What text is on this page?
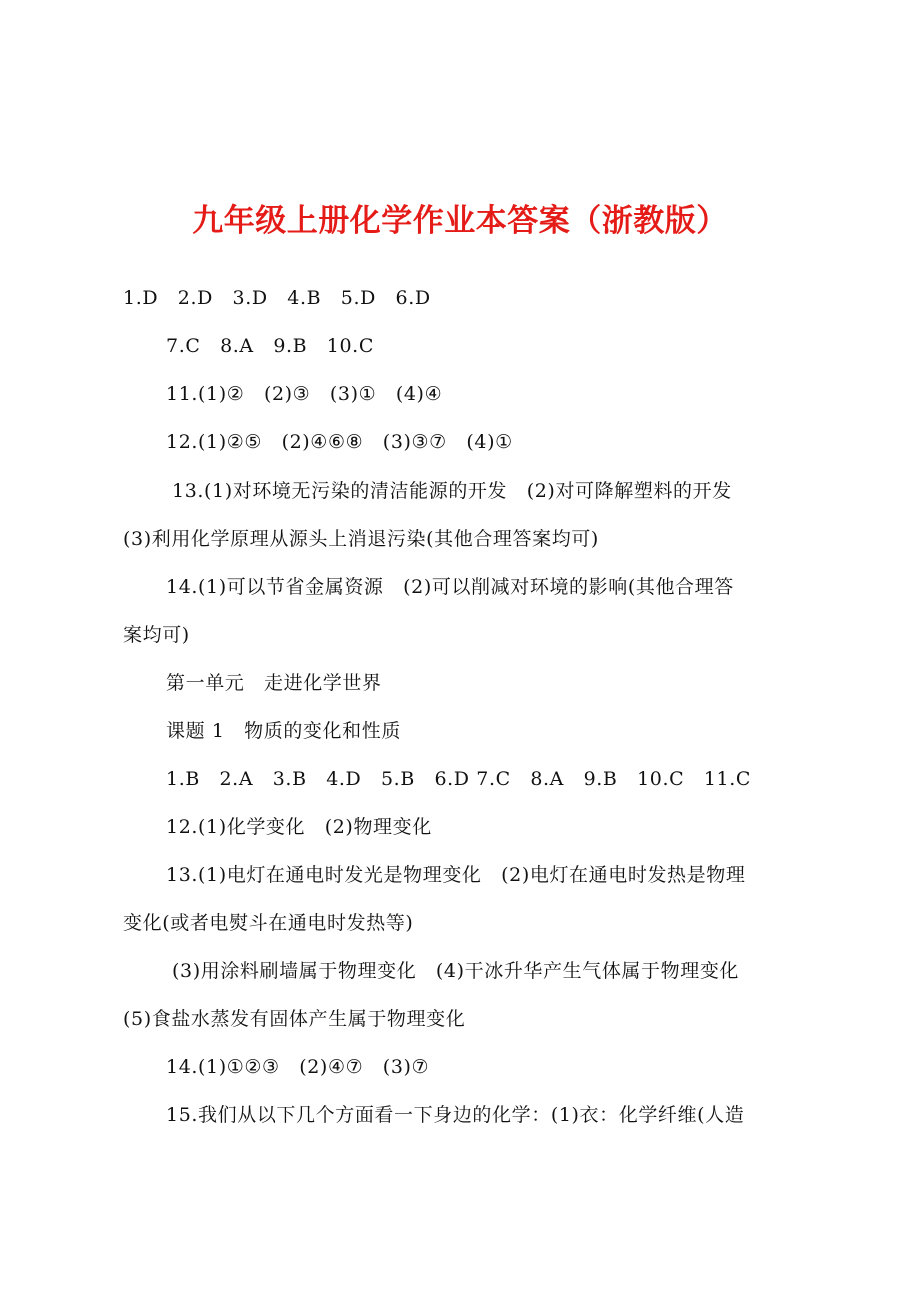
九年级上册化学作业本答案（浙教版）
1.D　2.D　3.D　4.B　5.D　6.D
7.C　8.A　9.B　10.C
11.(1)②　(2)③　(3)①　(4)④
12.(1)②⑤　(2)④⑥⑧　(3)③⑦　(4)①
13.(1)对环境无污染的清洁能源的开发　(2)对可降解塑料的开发
(3)利用化学原理从源头上消退污染(其他合理答案均可)
14.(1)可以节省金属资源　(2)可以削减对环境的影响(其他合理答
案均可)
第一单元　走进化学世界
课题 1　物质的变化和性质
1.B　2.A　3.B　4.D　5.B　6.D 7.C　8.A　9.B　10.C　11.C
12.(1)化学变化　(2)物理变化
13.(1)电灯在通电时发光是物理变化　(2)电灯在通电时发热是物理
变化(或者电熨斗在通电时发热等)
(3)用涂料刷墙属于物理变化　(4)干冰升华产生气体属于物理变化
(5)食盐水蒸发有固体产生属于物理变化
14.(1)①②③　(2)④⑦　(3)⑦
15.我们从以下几个方面看一下身边的化学：(1)衣：化学纤维(人造
